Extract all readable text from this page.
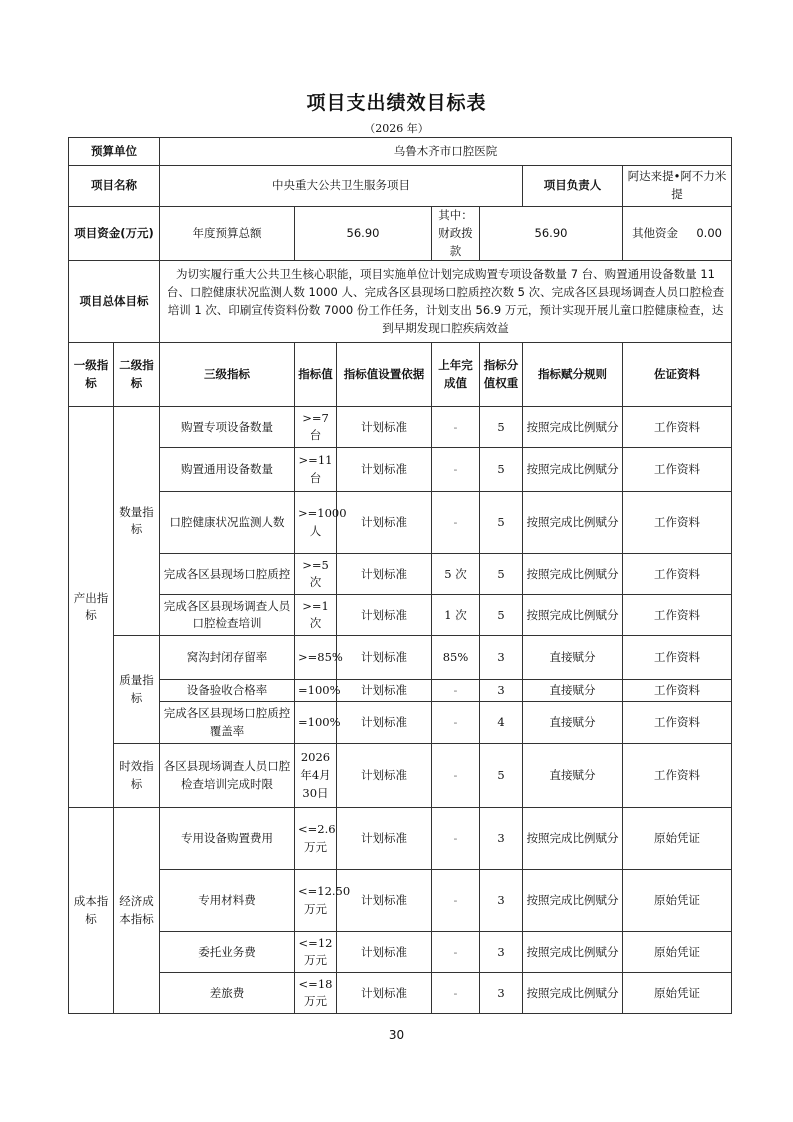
项目支出绩效目标表
（2026 年）
预算单位		乌鲁木齐市口腔医院						
项目名称		中央重大公共卫生服务项目					项目负责人	阿达来提•阿不力米提
项目资金(万元)		年度预算总额	56.90		其中：财政拨款	56.90		其他资金 0.00
项目总体目标		为切实履行重大公共卫生核心职能，项目实施单位计划完成购置专项设备数量 7 台、购置通用设备数量 11 台、口腔健康状况监测人数 1000 人、完成各区县现场口腔质控次数 5 次、完成各区县现场调查人员口腔检查培训 1 次、印刷宣传资料份数 7000 份工作任务，计划支出 56.9 万元，预计实现开展儿童口腔健康检查，达到早期发现口腔疾病效益						
一级指标	二级指标	三级指标	指标值	指标值设置依据	上年完成值	指标分值权重	指标赋分规则	佐证资料
产出指标	数量指标	购置专项设备数量	>=7台	计划标准	-	5	按照完成比例赋分	工作资料
		购置通用设备数量	>=11台	计划标准	-	5	按照完成比例赋分	工作资料
		口腔健康状况监测人数	>=1000人	计划标准	-	5	按照完成比例赋分	工作资料
		完成各区县现场口腔质控	>=5次	计划标准	5 次	5	按照完成比例赋分	工作资料
		完成各区县现场调查人员口腔检查培训	>=1次	计划标准	1 次	5	按照完成比例赋分	工作资料
	质量指标	窝沟封闭存留率	>=85%	计划标准	85%	3	直接赋分	工作资料
		设备验收合格率	=100%	计划标准	-	3	直接赋分	工作资料
		完成各区县现场口腔质控覆盖率	=100%	计划标准	-	4	直接赋分	工作资料
	时效指标	各区县现场调查人员口腔检查培训完成时限	2026年4月30日	计划标准	-	5	直接赋分	工作资料
成本指标	经济成本指标	专用设备购置费用	<=2.6万元	计划标准	-	3	按照完成比例赋分	原始凭证
		专用材料费	<=12.50万元	计划标准	-	3	按照完成比例赋分	原始凭证
		委托业务费	<=12万元	计划标准	-	3	按照完成比例赋分	原始凭证
		差旅费	<=18万元	计划标准	-	3	按照完成比例赋分	原始凭证
30
